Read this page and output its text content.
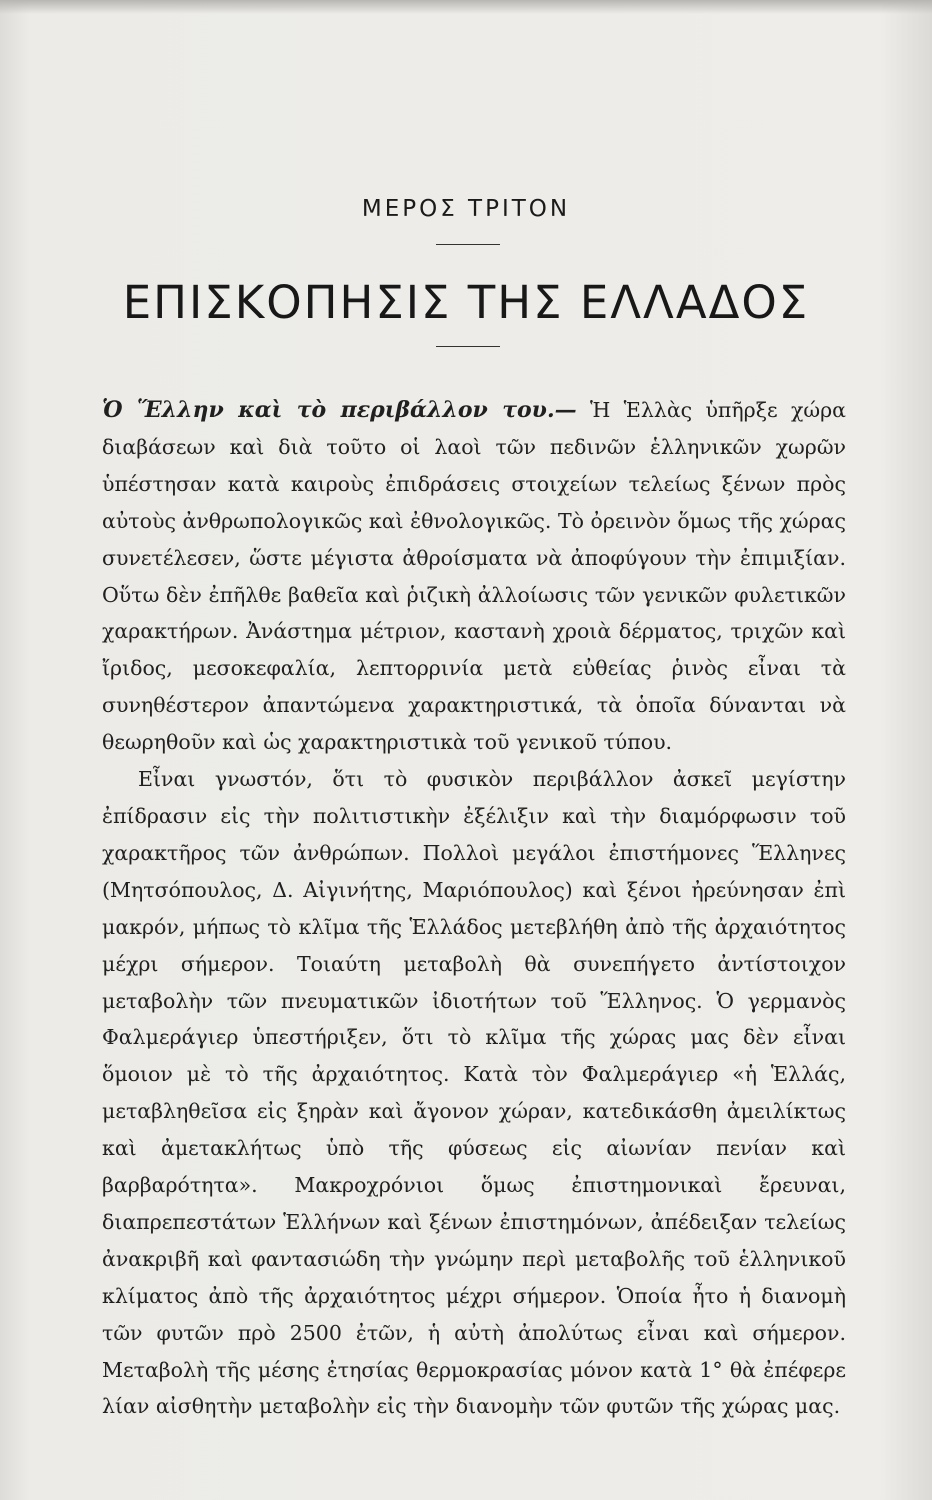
ΜΕΡΟΣ ΤΡΙΤΟΝ
ΕΠΙΣΚΟΠΗΣΙΣ ΤΗΣ ΕΛΛΑΔΟΣ

Ὁ Ἕλλην καὶ τὸ περιβάλλον του.— Ἡ Ἑλλὰς ὑπῆρξε χώρα διαβάσεων καὶ διὰ τοῦτο οἱ λαοὶ τῶν πεδινῶν ἑλληνικῶν χωρῶν ὑπέστησαν κατὰ καιροὺς ἐπιδράσεις στοιχείων τελείως ξένων πρὸς αὐτοὺς ἀνθρωπολογικῶς καὶ ἐθνολογικῶς. Τὸ ὀρεινὸν ὅμως τῆς χώρας συνετέλεσεν, ὥστε μέγιστα ἀθροίσματα νὰ ἀποφύγουν τὴν ἐπιμιξίαν. Οὕτω δὲν ἐπῆλθε βαθεῖα καὶ ῥιζικὴ ἀλλοίωσις τῶν γενικῶν φυλετικῶν χαρακτήρων. Ἀνάστημα μέτριον, καστανὴ χροιὰ δέρματος, τριχῶν καὶ ἴριδος, μεσοκεφαλία, λεπτορρινία μετὰ εὐθείας ῥινὸς εἶναι τὰ συνηθέστερον ἀπαντώμενα χαρακτηριστικά, τὰ ὁποῖα δύνανται νὰ θεωρηθοῦν καὶ ὡς χαρακτηριστικὰ τοῦ γενικοῦ τύπου.

Εἶναι γνωστόν, ὅτι τὸ φυσικὸν περιβάλλον ἀσκεῖ μεγίστην ἐπίδρασιν εἰς τὴν πολιτιστικὴν ἐξέλιξιν καὶ τὴν διαμόρφωσιν τοῦ χαρακτῆρος τῶν ἀνθρώπων. Πολλοὶ μεγάλοι ἐπιστήμονες Ἕλληνες (Μητσόπουλος, Δ. Αἰγινήτης, Μαριόπουλος) καὶ ξένοι ἠρεύνησαν ἐπὶ μακρόν, μήπως τὸ κλῖμα τῆς Ἑλλάδος μετεβλήθη ἀπὸ τῆς ἀρχαιότητος μέχρι σήμερον. Τοιαύτη μεταβολὴ θὰ συνεπήγετο ἀντίστοιχον μεταβολὴν τῶν πνευματικῶν ἰδιοτήτων τοῦ Ἕλληνος. Ὁ γερμανὸς Φαλμεράγιερ ὑπεστήριξεν, ὅτι τὸ κλῖμα τῆς χώρας μας δὲν εἶναι ὅμοιον μὲ τὸ τῆς ἀρχαιότητος. Κατὰ τὸν Φαλμεράγιερ «ἡ Ἑλλάς, μεταβληθεῖσα εἰς ξηρὰν καὶ ἄγονον χώραν, κατεδικάσθη ἀμειλίκτως καὶ ἀμετακλήτως ὑπὸ τῆς φύσεως εἰς αἰωνίαν πενίαν καὶ βαρβαρότητα». Μακροχρόνιοι ὅμως ἐπιστημονικαὶ ἔρευναι, διαπρεπεστάτων Ἑλλήνων καὶ ξένων ἐπιστημόνων, ἀπέδειξαν τελείως ἀνακριβῆ καὶ φαντασιώδη τὴν γνώμην περὶ μεταβολῆς τοῦ ἑλληνικοῦ κλίματος ἀπὸ τῆς ἀρχαιότητος μέχρι σήμερον. Ὁποία ἦτο ἡ διανομὴ τῶν φυτῶν πρὸ 2500 ἐτῶν, ἡ αὐτὴ ἀπολύτως εἶναι καὶ σήμερον. Μεταβολὴ τῆς μέσης ἐτησίας θερμοκρασίας μόνον κατὰ 1° θὰ ἐπέφερε λίαν αἰσθητὴν μεταβολὴν εἰς τὴν διανομὴν τῶν φυτῶν τῆς χώρας μας.
